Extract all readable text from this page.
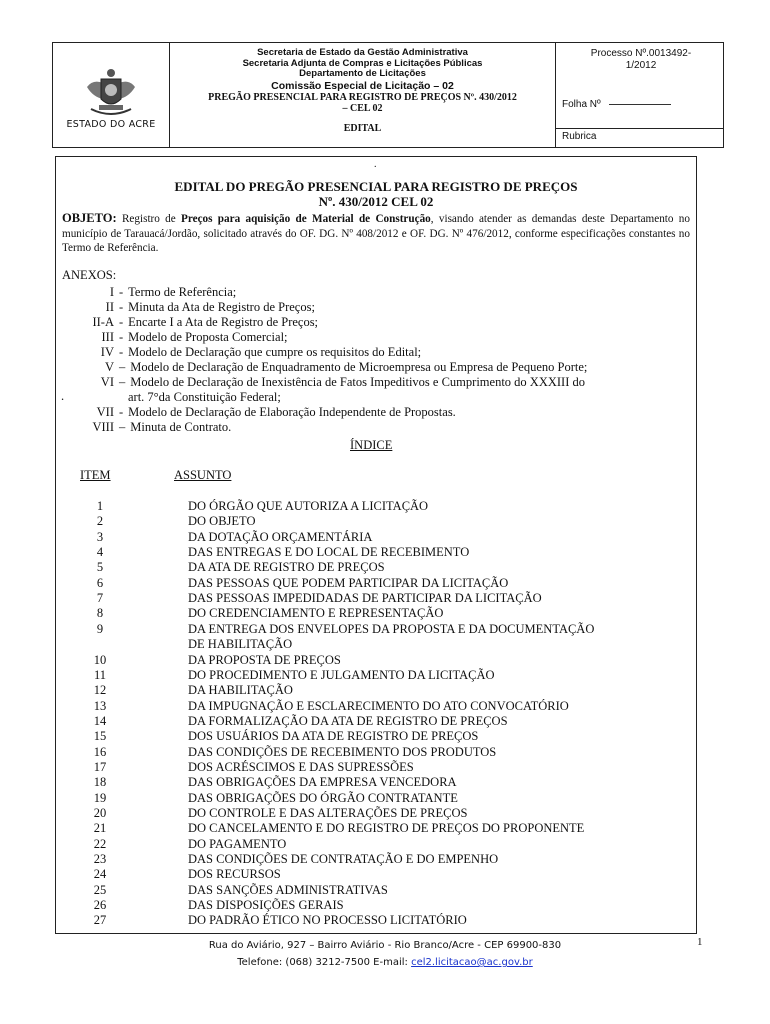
ESTADO DO ACRE
Secretaria de Estado da Gestão Administrativa
Secretaria Adjunta de Compras e Licitações Públicas
Departamento de Licitações
Comissão Especial de Licitação – 02
PREGÃO PRESENCIAL PARA REGISTRO DE PREÇOS Nº. 430/2012
– CEL 02
EDITAL
Processo Nº.0013492-
1/2012
Folha Nº
Rubrica
.
EDITAL DO PREGÃO PRESENCIAL PARA REGISTRO DE PREÇOS
Nº. 430/2012 CEL 02
OBJETO: Registro de Preços para aquisição de Material de Construção, visando atender as demandas deste Departamento no município de Tarauacá/Jordão, solicitado através do OF. DG. Nº 408/2012 e OF. DG. Nº 476/2012, conforme especificações constantes no Termo de Referência.
ANEXOS:
I - Termo de Referência;
II - Minuta da Ata de Registro de Preços;
II-A - Encarte I a Ata de Registro de Preços;
III - Modelo de Proposta Comercial;
IV - Modelo de Declaração que cumpre os requisitos do Edital;
V – Modelo de Declaração de Enquadramento de Microempresa ou Empresa de Pequeno Porte;
VI – Modelo de Declaração de Inexistência de Fatos Impeditivos e Cumprimento do XXXIII do
art. 7°da Constituição Federal;
VII - Modelo de Declaração de Elaboração Independente de Propostas.
VIII – Minuta de Contrato.
.
ÍNDICE
ITEM	ASSUNTO
1	DO ÓRGÃO QUE AUTORIZA A LICITAÇÃO
2	DO OBJETO
3	DA DOTAÇÃO ORÇAMENTÁRIA
4	DAS ENTREGAS E DO LOCAL DE RECEBIMENTO
5	DA ATA DE REGISTRO DE PREÇOS
6	DAS PESSOAS QUE PODEM PARTICIPAR DA LICITAÇÃO
7	DAS PESSOAS IMPEDIDADAS DE PARTICIPAR DA LICITAÇÃO
8	DO CREDENCIAMENTO E REPRESENTAÇÃO
9	DA ENTREGA DOS ENVELOPES DA PROPOSTA E DA DOCUMENTAÇÃO
DE HABILITAÇÃO
10	DA PROPOSTA DE PREÇOS
11	DO PROCEDIMENTO E JULGAMENTO DA LICITAÇÃO
12	DA HABILITAÇÃO
13	DA IMPUGNAÇÃO E ESCLARECIMENTO DO ATO CONVOCATÓRIO
14	DA FORMALIZAÇÃO DA ATA DE REGISTRO DE PREÇOS
15	DOS USUÁRIOS DA ATA DE REGISTRO DE PREÇOS
16	DAS CONDIÇÕES DE RECEBIMENTO DOS PRODUTOS
17	DOS ACRÉSCIMOS E DAS SUPRESSÕES
18	DAS OBRIGAÇÕES DA EMPRESA VENCEDORA
19	DAS OBRIGAÇÕES DO ÓRGÃO CONTRATANTE
20	DO CONTROLE E DAS ALTERAÇÕES DE PREÇOS
21	DO CANCELAMENTO E DO REGISTRO DE PREÇOS DO PROPONENTE
22	DO PAGAMENTO
23	DAS CONDIÇÕES DE CONTRATAÇÃO E DO EMPENHO
24	DOS RECURSOS
25	DAS SANÇÕES ADMINISTRATIVAS
26	DAS DISPOSIÇÕES GERAIS
27	DO PADRÃO ÉTICO NO PROCESSO LICITATÓRIO
Rua do Aviário, 927 – Bairro Aviário - Rio Branco/Acre - CEP 69900-830
Telefone: (068) 3212-7500 E-mail: cel2.licitacao@ac.gov.br
1
